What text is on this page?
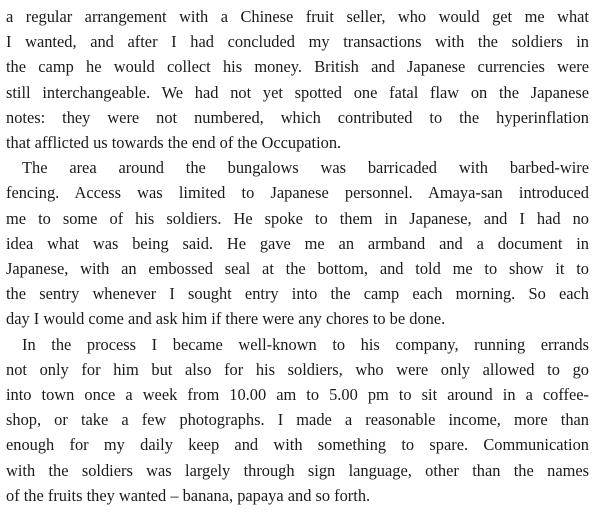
a regular arrangement with a Chinese fruit seller, who would get me what
I wanted, and after I had concluded my transactions with the soldiers in
the camp he would collect his money. British and Japanese currencies were
still interchangeable. We had not yet spotted one fatal flaw on the Japanese
notes: they were not numbered, which contributed to the hyperinflation
that afflicted us towards the end of the Occupation.
The area around the bungalows was barricaded with barbed-wire
fencing. Access was limited to Japanese personnel. Amaya-san introduced
me to some of his soldiers. He spoke to them in Japanese, and I had no
idea what was being said. He gave me an armband and a document in
Japanese, with an embossed seal at the bottom, and told me to show it to
the sentry whenever I sought entry into the camp each morning. So each
day I would come and ask him if there were any chores to be done.
In the process I became well-known to his company, running errands
not only for him but also for his soldiers, who were only allowed to go
into town once a week from 10.00 am to 5.00 pm to sit around in a coffee-
shop, or take a few photographs. I made a reasonable income, more than
enough for my daily keep and with something to spare. Communication
with the soldiers was largely through sign language, other than the names
of the fruits they wanted – banana, papaya and so forth.
